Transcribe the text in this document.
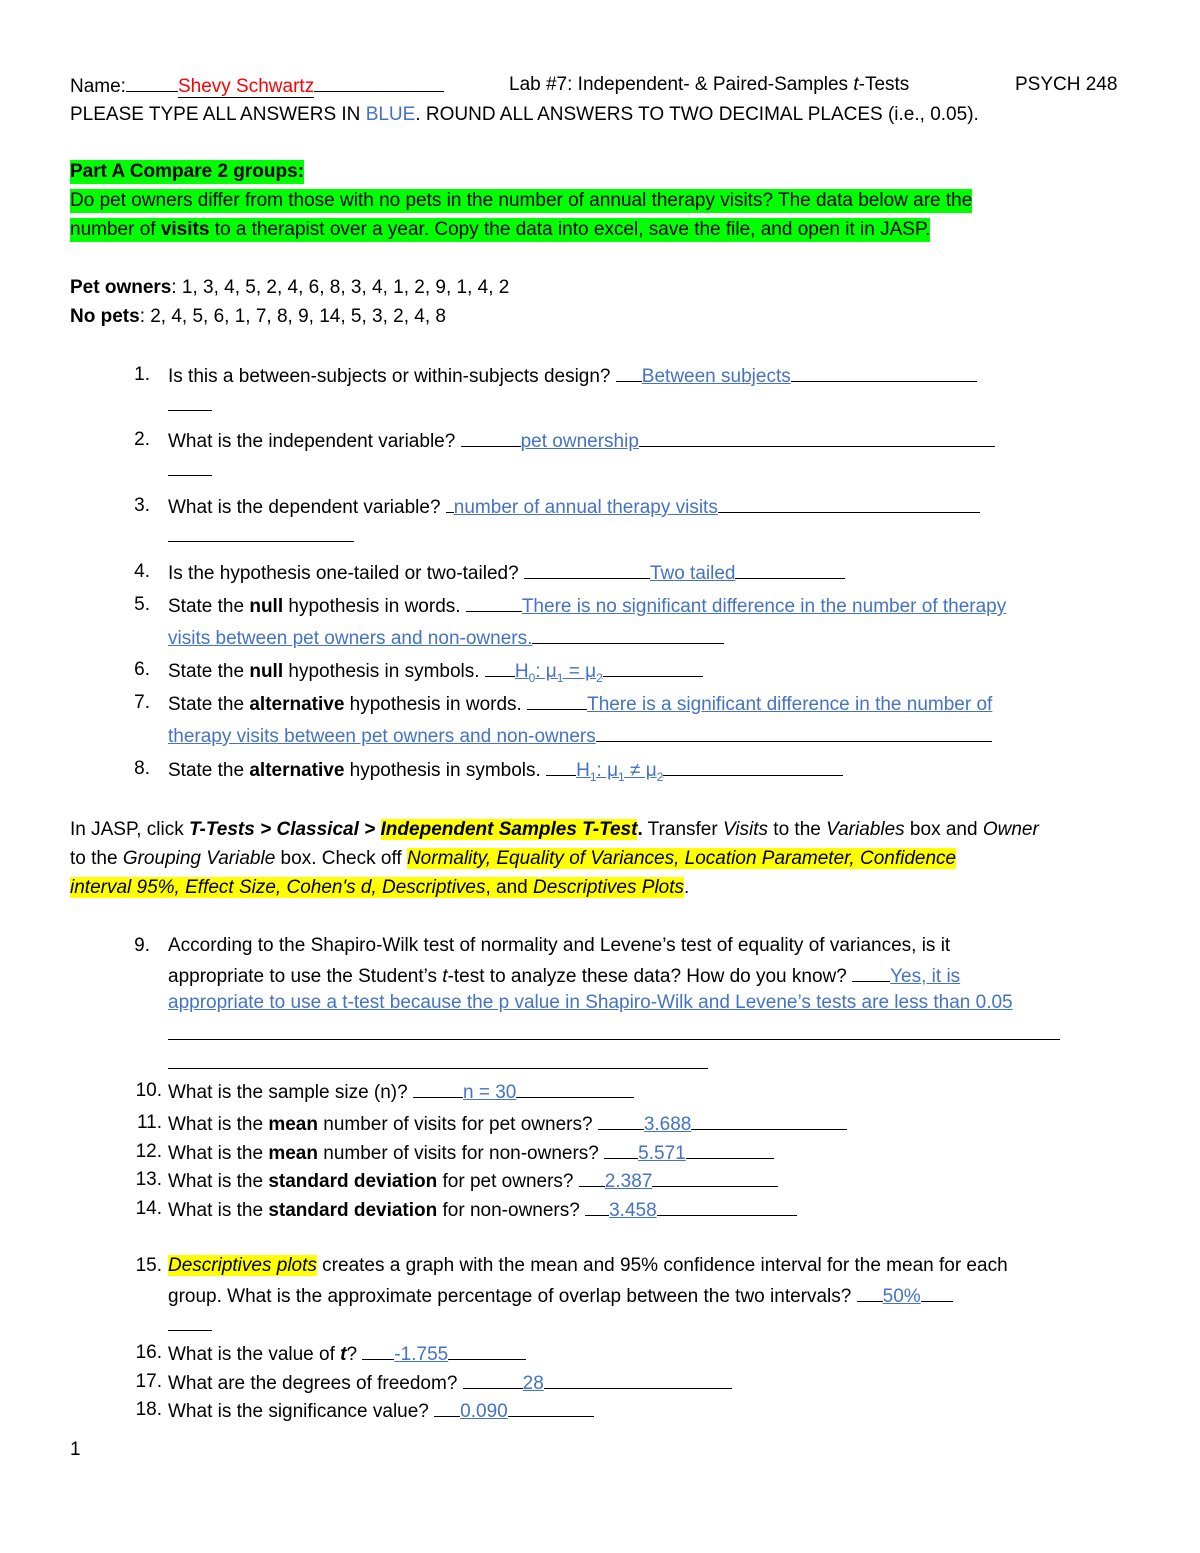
Name:	Shevy Schwartz	Lab #7: Independent- & Paired-Samples t-Tests	PSYCH 248
PLEASE TYPE ALL ANSWERS IN BLUE. ROUND ALL ANSWERS TO TWO DECIMAL PLACES (i.e., 0.05).
Part A Compare 2 groups:
Do pet owners differ from those with no pets in the number of annual therapy visits? The data below are the
number of visits to a therapist over a year. Copy the data into excel, save the file, and open it in JASP.
Pet owners: 1, 3, 4, 5, 2, 4, 6, 8, 3, 4, 1, 2, 9, 1, 4, 2
No pets: 2, 4, 5, 6, 1, 7, 8, 9, 14, 5, 3, 2, 4, 8
1. Is this a between-subjects or within-subjects design? Between subjects
2. What is the independent variable?	pet ownership
3. What is the dependent variable? number of annual therapy visits
4. Is the hypothesis one-tailed or two-tailed?	Two tailed
5. State the null hypothesis in words.	There is no significant difference in the number of therapy
visits between pet owners and non-owners.
6. State the null hypothesis in symbols. $H_0$: $\mu_1 = \mu_2$
7. State the alternative hypothesis in words.	There is a significant difference in the number of
therapy visits between pet owners and non-owners
8. State the alternative hypothesis in symbols. $H_1$: $\mu_1 \ne \mu_2$
In JASP, click T-Tests > Classical > Independent Samples T-Test. Transfer Visits to the Variables box and Owner
to the Grouping Variable box. Check off Normality, Equality of Variances, Location Parameter, Confidence
interval 95%, Effect Size, Cohen's d, Descriptives, and Descriptives Plots.
9. According to the Shapiro-Wilk test of normality and Levene’s test of equality of variances, is it
appropriate to use the Student’s t-test to analyze these data? How do you know? Yes, it is
appropriate to use a t-test because the p value in Shapiro-Wilk and Levene’s tests are less than 0.05
10. What is the sample size (n)?	n = 30
11. What is the mean number of visits for pet owners?	3.688
12. What is the mean number of visits for non-owners? 5.571
13. What is the standard deviation for pet owners? 2.387
14. What is the standard deviation for non-owners? 3.458
15. Descriptives plots creates a graph with the mean and 95% confidence interval for the mean for each
group. What is the approximate percentage of overlap between the two intervals? 50%
16. What is the value of t? -1.755
17. What are the degrees of freedom?	28
18. What is the significance value? 0.090
1
